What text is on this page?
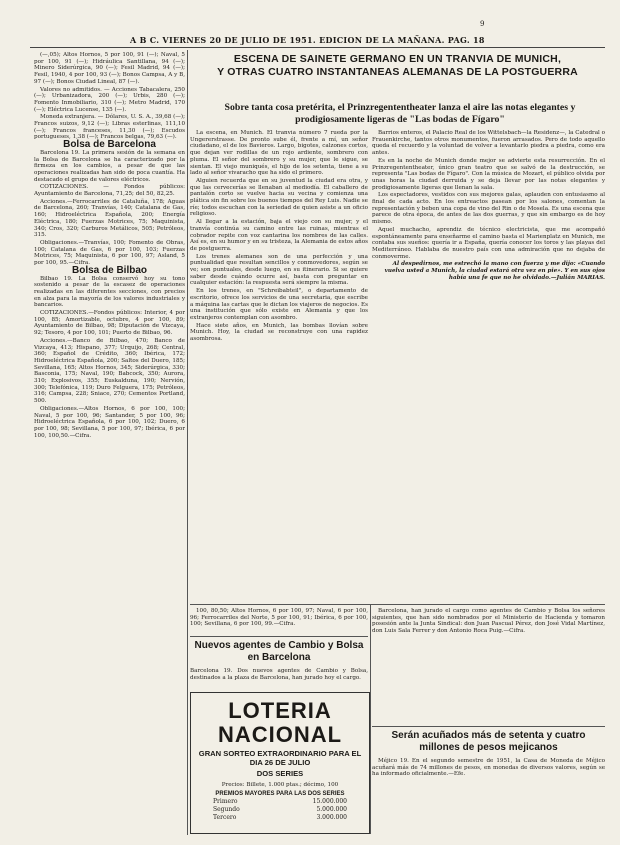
A B C. VIERNES 20 DE JULIO DE 1951. EDICION DE LA MAÑANA. PAG. 18
9

(—,05); Altos Hornos, 5 por 100, 91 (—); Naval, 5 por 100, 91 (—); Hidráulica Santillana, 94 (—); Minero Siderúrgica, 90 (—); Fesil Madrid, 94 (—); Fesil, 1940, 4 por 100, 93 (—); Bonos Campsa, A y B, 97 (—); Bonos Ciudad Lineal, 87 (—).

Valores no admitidos. — Acciones Tabacalera, 250 (—); Urbanizadora, 200 (—); Urbis, 280 (—); Fomento Inmobiliario, 310 (—); Metro Madrid, 170 (—); Eléctrica Lucense, 135 (—).

Moneda extranjera. — Dólares, U. S. A., 39,68 (—); Francos suizos, 9,12 (—); Libras esterlinas, 111,10 (—); Francos franceses, 11,30 (—); Escudos portugueses, 1,38 (—); Francos belgas, 79,63 (—).

Bolsa de Barcelona

Barcelona 19. La primera sesión de la semana en la Bolsa de Barcelona se ha caracterizado por la firmeza en los cambios, a pesar de que las operaciones realizadas han sido de poca cuantía. Ha destacado el grupo de valores eléctricos.

COTIZACIONES. — Fondos públicos: Ayuntamiento de Barcelona, 71,25; del 50, 82,25.

Acciones.—Ferrocarriles de Cataluña, 178; Aguas de Barcelona, 260; Tranvías, 140; Catalana de Gas, 160; Hidroeléctrica Española, 200; Energía Eléctrica, 180; Fuerzas Motrices, 75; Maquinista, 340; Cros, 320; Carburos Metálicos, 505; Petróleos, 315.

Obligaciones.—Tranvías, 100; Fomento de Obras, 100; Catalana de Gas, 6 por 100, 103; Fuerzas Motrices, 75; Maquinista, 6 por 100, 97; Asland, 5 por 100, 95.—Cifra.

Bolsa de Bilbao

Bilbao 19. La Bolsa conservó hoy su tono sostenido a pesar de la escasez de operaciones realizadas en las diferentes secciones, con precios en alza para la mayoría de los valores industriales y bancarios.

COTIZACIONES.—Fondos públicos: Interior, 4 por 100, 85; Amortizable, octubre, 4 por 100, 89; Ayuntamiento de Bilbao, 98; Diputación de Vizcaya, 92; Tesoro, 4 por 100, 101; Puerto de Bilbao, 96.

Acciones.—Banco de Bilbao, 470; Banco de Vizcaya, 413; Hispano, 377; Urquijo, 268; Central, 360; Español de Crédito, 360; Ibérica, 172; Hidroeléctrica Española, 200; Saltos del Duero, 185; Sevillana, 165; Altos Hornos, 345; Siderúrgica, 330; Basconia, 175; Naval, 190; Babcock, 350; Aurora, 310; Explosivos, 355; Euskalduna, 190; Nervión, 300; Telefónica, 119; Duro Felguera, 175; Petróleos, 316; Campsa, 228; Sniace, 270; Cementos Portland, 500.

Obligaciones.—Altos Hornos, 6 por 100, 100; Naval, 5 por 100, 96; Santander, 5 por 100, 96; Hidroeléctrica Española, 6 por 100, 102; Duero, 6 por 100, 98; Sevillana, 5 por 100, 97; Ibérica, 6 por 100, 100,50.—Cifra.

ESCENA DE SAINETE GERMANO EN UN TRANVIA DE MUNICH,
Y OTRAS CUATRO INSTANTANEAS ALEMANAS DE LA POSTGUERRA
Sobre tanta cosa pretérita, el Prinzregententheater lanza el aire las notas elegantes y prodigiosamente ligeras de "Las bodas de Fígaro"

La escena, en Munich. El tranvía número 7 rueda por la Ungererstrasse. De pronto sube él, frente a mí, un señor ciudadano, el de los Bavieros. Largo, bigotes, calzones cortos, que dejan ver rodillas de un rojo ardiente, sombrero con pluma. El señor del sombrero y su mujer, que le sigue, se sientan. El viejo muniqués, el hijo de los setenta, tiene a su lado al señor vivaracho que ha sido el primero.

Alguien recuerda que en su juventud la ciudad era otra, y que las cervecerías se llenaban al mediodía. El caballero de pantalón corto se vuelve hacia su vecina y comienza una plática sin fin sobre los buenos tiempos del Rey Luis. Nadie se ríe; todos escuchan con la seriedad de quien asiste a un oficio religioso.

Al llegar a la estación, baja el viejo con su mujer, y el tranvía continúa su camino entre las ruinas, mientras el cobrador repite con voz cantarina los nombres de las calles. Así es, en su humor y en su tristeza, la Alemania de estos años de postguerra.

Los trenes alemanes son de una perfección y una puntualidad que resultan sencillos y conmovedores, según se ve; son puntuales, desde luego, en su itinerario. Si se quiere saber desde cuándo ocurre así, basta con preguntar en cualquier estación: la respuesta será siempre la misma.

En los trenes, en "Schreibabteil", o departamento de escritorio, ofrece los servicios de una secretaria, que escribe a máquina las cartas que le dictan los viajeros de negocios. Es una institución que sólo existe en Alemania y que los extranjeros contemplan con asombro.

Hace siete años, en Munich, las bombas llovían sobre Munich. Hoy, la ciudad se reconstruye con una rapidez asombrosa.

Barrios enteros, el Palacio Real de los Wittelsbach—la Residenz—, la Catedral o Frauenkirche, tantos otros monumentos, fueron arrasados. Pero de todo aquello queda el recuerdo y la voluntad de volver a levantarlo piedra a piedra, como era antes.

Es en la noche de Munich donde mejor se advierte esta resurrección. En el Prinzregententheater, único gran teatro que se salvó de la destrucción, se representa "Las bodas de Fígaro". Con la música de Mozart, el público olvida por unas horas la ciudad derruida y se deja llevar por las notas elegantes y prodigiosamente ligeras que llenan la sala.

Los espectadores, vestidos con sus mejores galas, aplauden con entusiasmo al final de cada acto. En los entreactos pasean por los salones, comentan la representación y beben una copa de vino del Rin o de Mosela. Es una escena que parece de otra época, de antes de las dos guerras, y que sin embargo es de hoy mismo.

Aquel muchacho, aprendiz de técnico electricista, que me acompañó espontáneamente para enseñarme el camino hasta el Marienplatz en Munich, me contaba sus sueños: quería ir a España, quería conocer los toros y las playas del Mediterráneo. Hablaba de nuestro país con una admiración que no dejaba de conmoverme.

Al despedirnos, me estrechó la mano con fuerza y me dijo: «Cuando vuelva usted a Munich, la ciudad estará otra vez en pie». Y en sus ojos había una fe que no he olvidado.—Julián MARIAS.

100, 80,50; Altos Hornos, 6 por 100, 97; Naval, 6 por 100, 96; Ferrocarriles del Norte, 5 por 100, 91; Ibérica, 6 por 100, 100; Sevillana, 6 por 100, 99.—Cifra.

Barcelona, han jurado el cargo como agentes de Cambio y Bolsa los señores siguientes, que han sido nombrados por el Ministerio de Hacienda y tomaron posesión ante la Junta Sindical: don Juan Pascual Pérez, don José Vidal Martínez, don Luis Sala Ferrer y don Antonio Roca Puig.—Cifra.

Nuevos agentes de Cambio y Bolsa en Barcelona
Barcelona 19. Dos nuevos agentes de Cambio y Bolsa, destinados a la plaza de Barcelona, han jurado hoy el cargo.
LOTERIA NACIONAL
GRAN SORTEO EXTRAORDINARIO PARA EL DIA 26 DE JULIO
DOS SERIES
Precios: Billete, 1.000 ptas.; décimo, 100
PREMIOS MAYORES PARA LAS DOS SERIES
Primero	15.000.000
Segundo	5.000.000
Tercero	3.000.000
Serán acuñados más de setenta y cuatro millones de pesos mejicanos

Méjico 19. En el segundo semestre de 1951, la Casa de Moneda de Méjico acuñará más de 74 millones de pesos, en monedas de diversos valores, según se ha informado oficialmente.—Efe.
